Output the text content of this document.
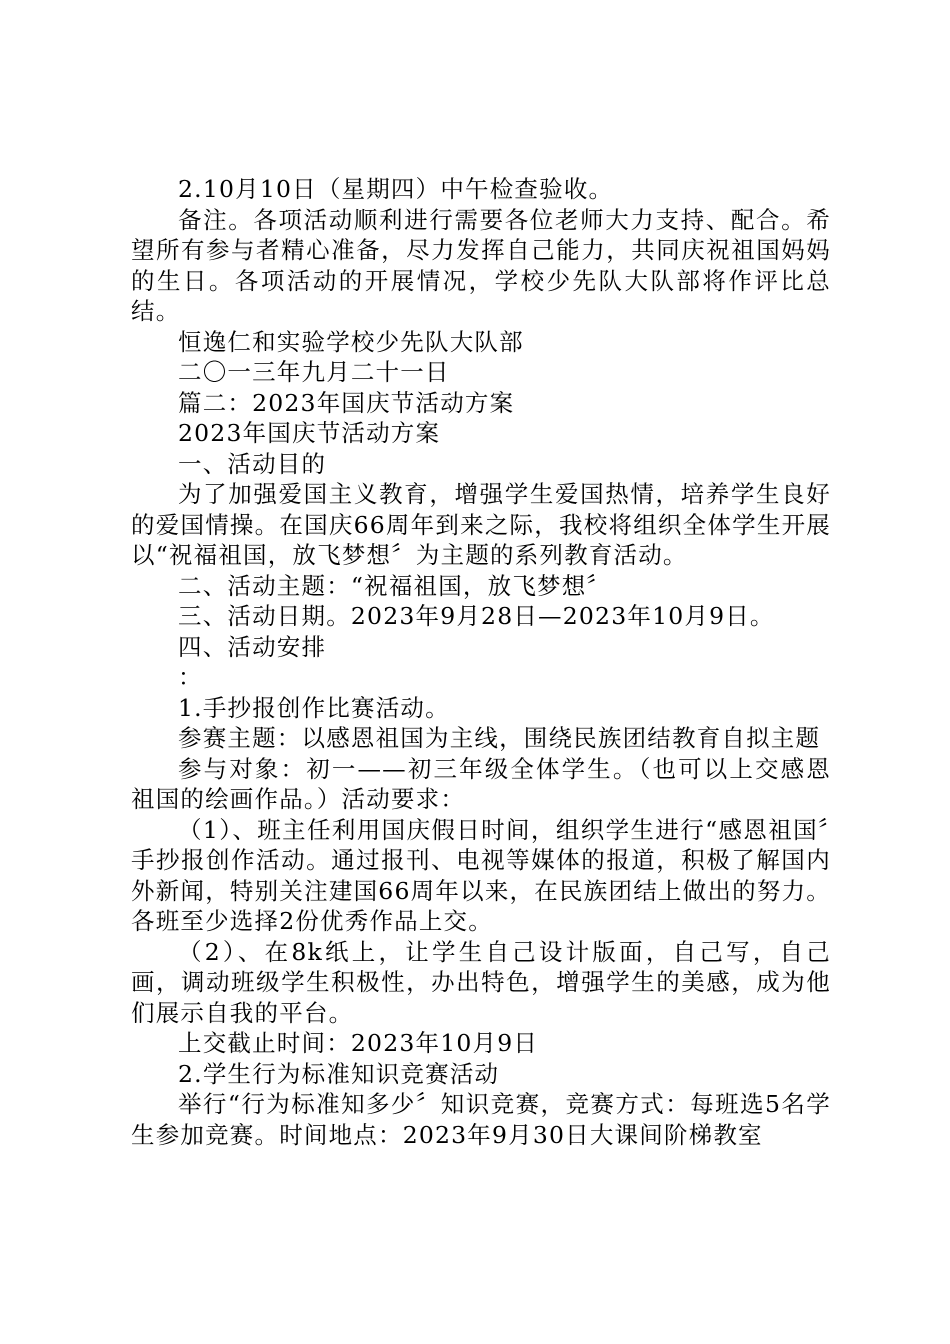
2.10月10日（星期四）中午检查验收。

备注。各项活动顺利进行需要各位老师大力支持、配合。希望所有参与者精心准备，尽力发挥自己能力，共同庆祝祖国妈妈的生日。各项活动的开展情况，学校少先队大队部将作评比总结。

恒逸仁和实验学校少先队大队部

二〇一三年九月二十一日

篇二：2023年国庆节活动方案

2023年国庆节活动方案

一、活动目的

为了加强爱国主义教育，增强学生爱国热情，培养学生良好的爱国情操。在国庆66周年到来之际，我校将组织全体学生开展以“祝福祖国，放飞梦想〞为主题的系列教育活动。

二、活动主题：“祝福祖国，放飞梦想〞

三、活动日期。2023年9月28日—2023年10月9日。

四、活动安排

：

1.手抄报创作比赛活动。

参赛主题：以感恩祖国为主线，围绕民族团结教育自拟主题

参与对象：初一——初三年级全体学生。（也可以上交感恩祖国的绘画作品。）活动要求：

（1）、班主任利用国庆假日时间，组织学生进行“感恩祖国〞手抄报创作活动。通过报刊、电视等媒体的报道，积极了解国内外新闻，特别关注建国66周年以来，在民族团结上做出的努力。各班至少选择2份优秀作品上交。

（2）、在8k纸上，让学生自己设计版面，自己写，自己画，调动班级学生积极性，办出特色，增强学生的美感，成为他们展示自我的平台。

上交截止时间：2023年10月9日

2.学生行为标准知识竞赛活动

举行“行为标准知多少〞知识竞赛，竞赛方式：每班选5名学生参加竞赛。时间地点：2023年9月30日大课间阶梯教室
